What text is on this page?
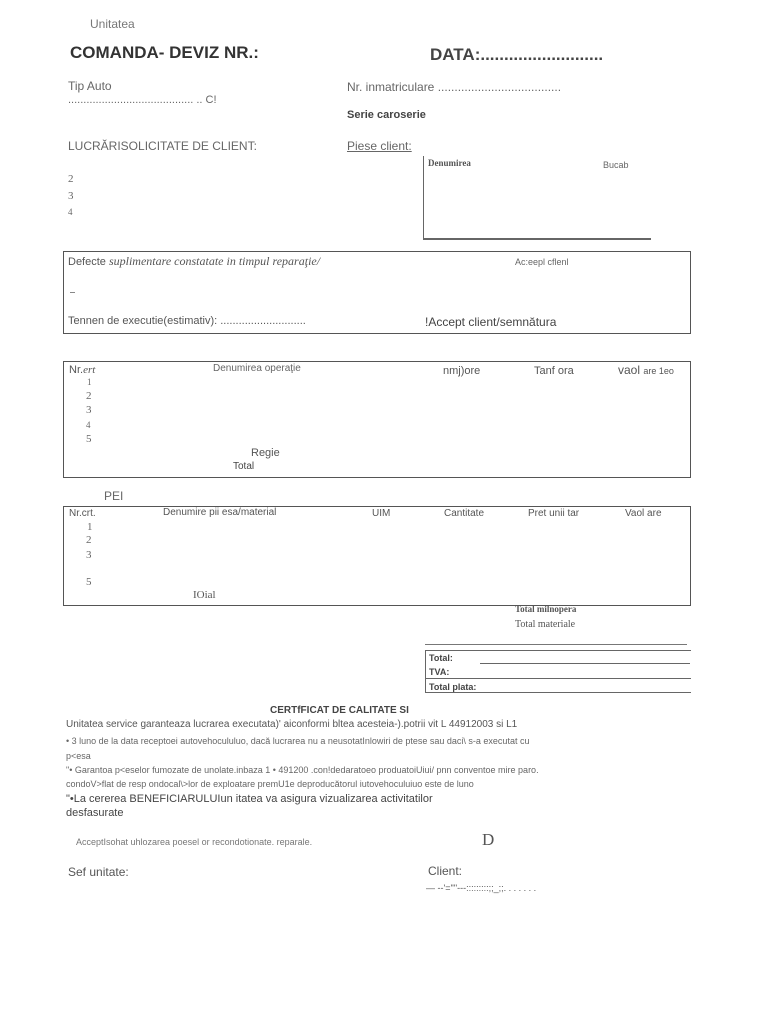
Unitatea
COMANDA- DEVIZ NR.:	DATA:..........................
Tip Auto
......................................... .. C!
Nr. inmatriculare .....................................
Serie caroserie
LUCRĂRISOLICITATE DE CLIENT:
2
3
4
Piese client:
Denumirea	Bucab
Defecte suplimentare constatate in timpul reparaţie/	Ac:eepl cflenl
Tennen de executie(estimativ): ............................	!Accept client/semnătura
Nr.ert	Denumirea operaţie	nmj)ore	Tanf ora	vaol are 1eo
1
2
3
4
5
Regie
Total
PEI
Nr.crt.	Denumire pii esa/material	UIM	Cantitate	Pret unii tar	Vaol are
1
2
3
5
IOial
Total milnopera
Total materiale
Total:
TVA:
Total plata:
CERTfFICAT DE CALITATE SI
Unitatea service garanteaza lucrarea executata)' aiconformi bltea acesteia-).potrii vit L 44912003 si L1
• 3 luno de la data receptoei autovehocululuo, dacă lucrarea nu a neusotatInlowiri de ptese sau daci\ s-a executat cu
p<esa
"• Garantoa p<eselor fumozate de unolate.inbaza 1 • 491200 .con!dedaratoeo produatoiUiui/ pnn conventoe mire paro.
condoV>flat de resp ondocal\>lor de exploatare premU1e deproducătorul iutovehoculuiuo este de luno
"•La cererea BENEFICIARULUIun itatea va asigura vizualizarea activitatilor
desfasurate
AcceptIsohat uhlozarea poesel or recondotionate. reparale.	D
Sef unitate:	Client:
— --'=''"---:::::::::;;_;;. . . . . . .
